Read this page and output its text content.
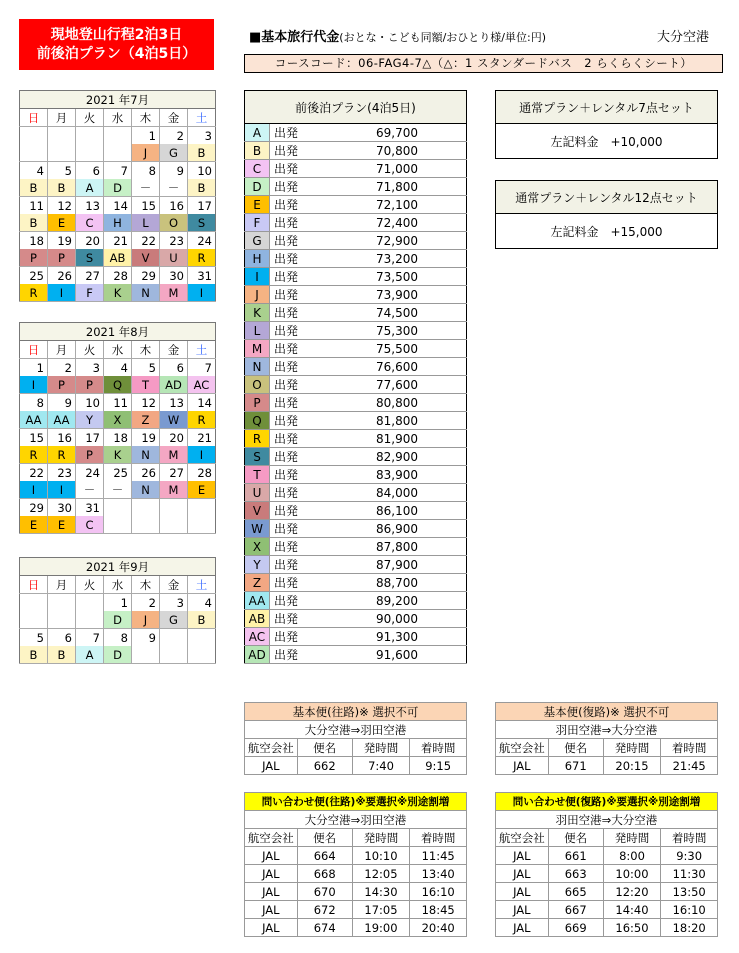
現地登山行程2泊3日
前後泊プラン（4泊5日）
■基本旅行代金(おとな・こども同額/おひとり様/単位:円)	大分空港
コースコード：06-FAG4-7△（△：1 スタンダードバス　2 らくらくシート）
2021 年7月						
日	月	火	水	木	金	土
				1	2	3
				J	G	B
4	5	6	7	8	9	10
B	B	A	D	－	－	B
11	12	13	14	15	16	17
B	E	C	H	L	O	S
18	19	20	21	22	23	24
P	P	S	AB	V	U	R
25	26	27	28	29	30	31
R	I	F	K	N	M	I
2021 年8月						
日	月	火	水	木	金	土
1	2	3	4	5	6	7
I	P	P	Q	T	AD	AC
8	9	10	11	12	13	14
AA	AA	Y	X	Z	W	R
15	16	17	18	19	20	21
R	R	P	K	N	M	I
22	23	24	25	26	27	28
I	I	－	－	N	M	E
29	30	31				
E	E	C				
2021 年9月						
日	月	火	水	木	金	土
			1	2	3	4
			D	J	G	B
5	6	7	8	9		
B	B	A	D			
前後泊プラン(4泊5日)		
A	出発	69,700
B	出発	70,800
C	出発	71,000
D	出発	71,800
E	出発	72,100
F	出発	72,400
G	出発	72,900
H	出発	73,200
I	出発	73,500
J	出発	73,900
K	出発	74,500
L	出発	75,300
M	出発	75,500
N	出発	76,600
O	出発	77,600
P	出発	80,800
Q	出発	81,800
R	出発	81,900
S	出発	82,900
T	出発	83,900
U	出発	84,000
V	出発	86,100
W	出発	86,900
X	出発	87,800
Y	出発	87,900
Z	出発	88,700
AA	出発	89,200
AB	出発	90,000
AC	出発	91,300
AD	出発	91,600
通常プラン＋レンタル7点セット
左記料金　+10,000
通常プラン＋レンタル12点セット
左記料金　+15,000
基本便(往路)※ 選択不可			
大分空港⇒羽田空港			
航空会社	便名	発時間	着時間
JAL	662	7:40	9:15
基本便(復路)※ 選択不可			
羽田空港⇒大分空港			
航空会社	便名	発時間	着時間
JAL	671	20:15	21:45
問い合わせ便(往路)※要選択※別途割増			
大分空港⇒羽田空港			
航空会社	便名	発時間	着時間
JAL	664	10:10	11:45
JAL	668	12:05	13:40
JAL	670	14:30	16:10
JAL	672	17:05	18:45
JAL	674	19:00	20:40
問い合わせ便(復路)※要選択※別途割増			
羽田空港⇒大分空港			
航空会社	便名	発時間	着時間
JAL	661	8:00	9:30
JAL	663	10:00	11:30
JAL	665	12:20	13:50
JAL	667	14:40	16:10
JAL	669	16:50	18:20
